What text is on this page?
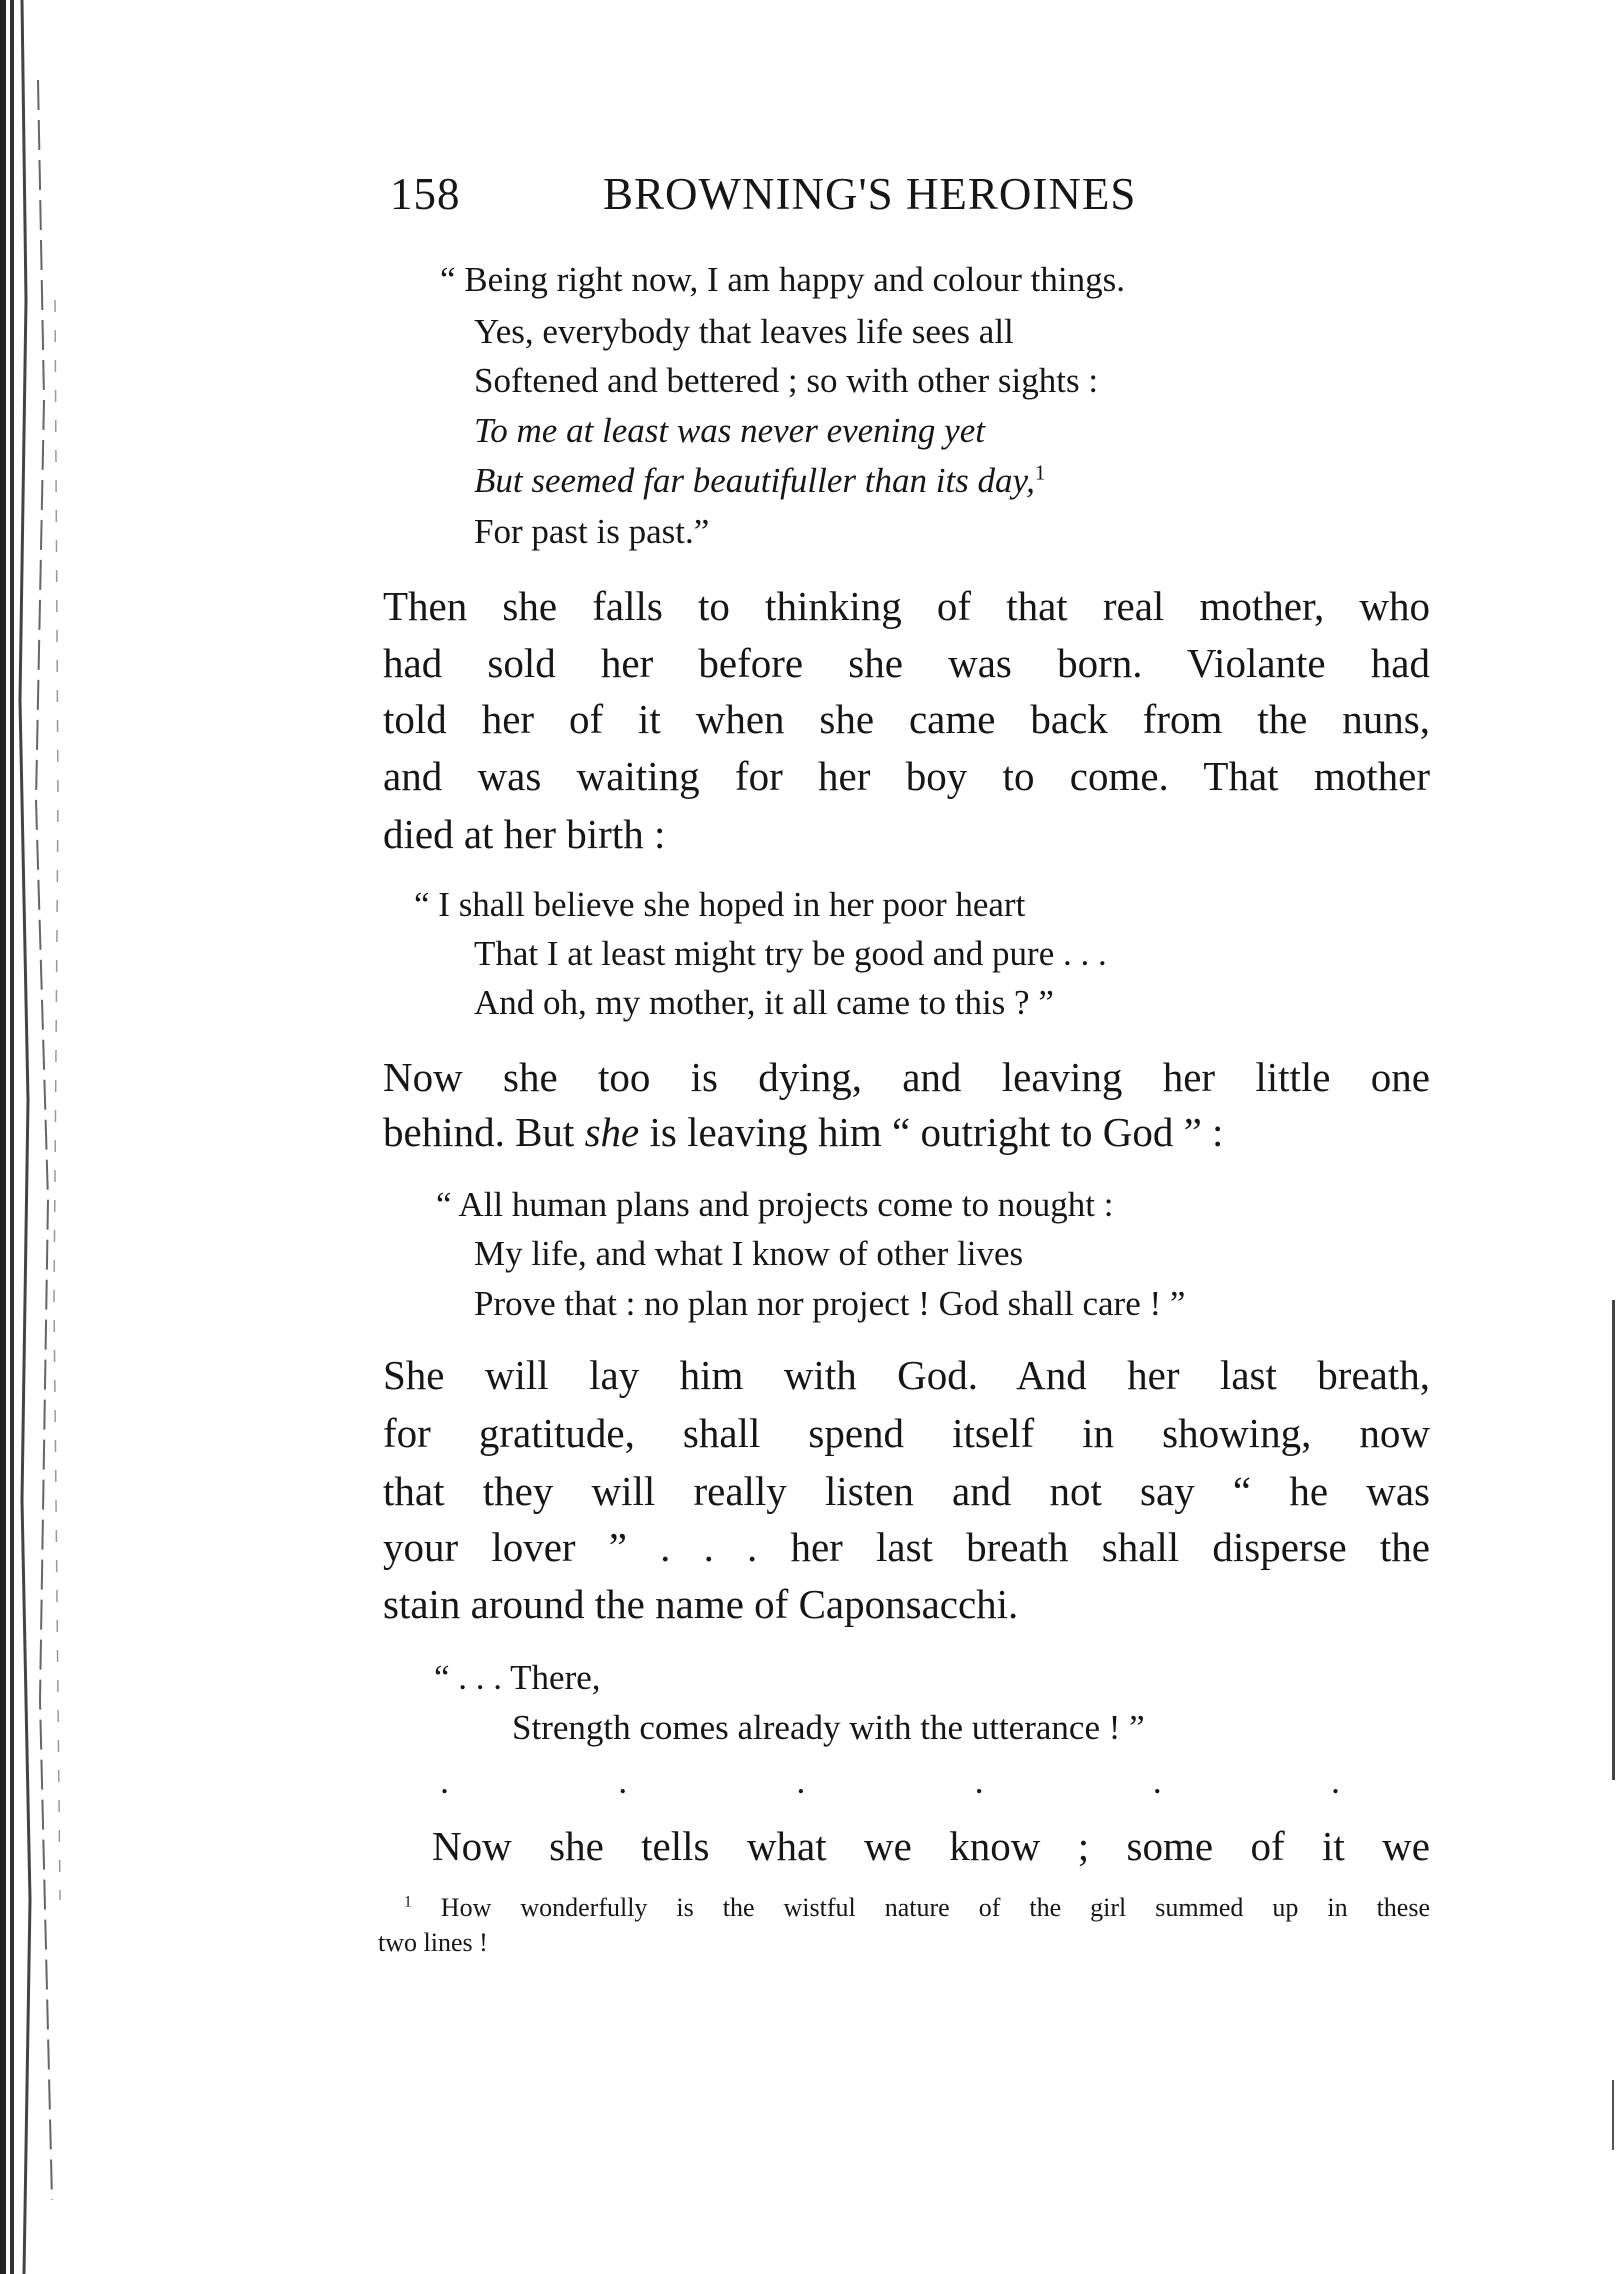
158	BROWNING'S HEROINES
“ Being right now, I am happy and colour things.
Yes, everybody that leaves life sees all
Softened and bettered ; so with other sights :
To me at least was never evening yet
But seemed far beautifuller than its day,$^1$
For past is past.”
Then she falls to thinking of that real mother, who
had sold her before she was born. Violante had
told her of it when she came back from the nuns,
and was waiting for her boy to come. That mother
died at her birth :
“ I shall believe she hoped in her poor heart
That I at least might try be good and pure . . .
And oh, my mother, it all came to this ? ”
Now she too is dying, and leaving her little one
behind. But she is leaving him “ outright to God ” :
“ All human plans and projects come to nought :
My life, and what I know of other lives
Prove that : no plan nor project ! God shall care ! ”
She will lay him with God. And her last breath,
for gratitude, shall spend itself in showing, now
that they will really listen and not say “ he was
your lover ” . . . her last breath shall disperse the
stain around the name of Caponsacchi.
“ . . . There,
Strength comes already with the utterance ! ”
.	.	.	.	.	.
Now she tells what we know ; some of it we
$^1$ How wonderfully is the wistful nature of the girl summed up in these
two lines !
